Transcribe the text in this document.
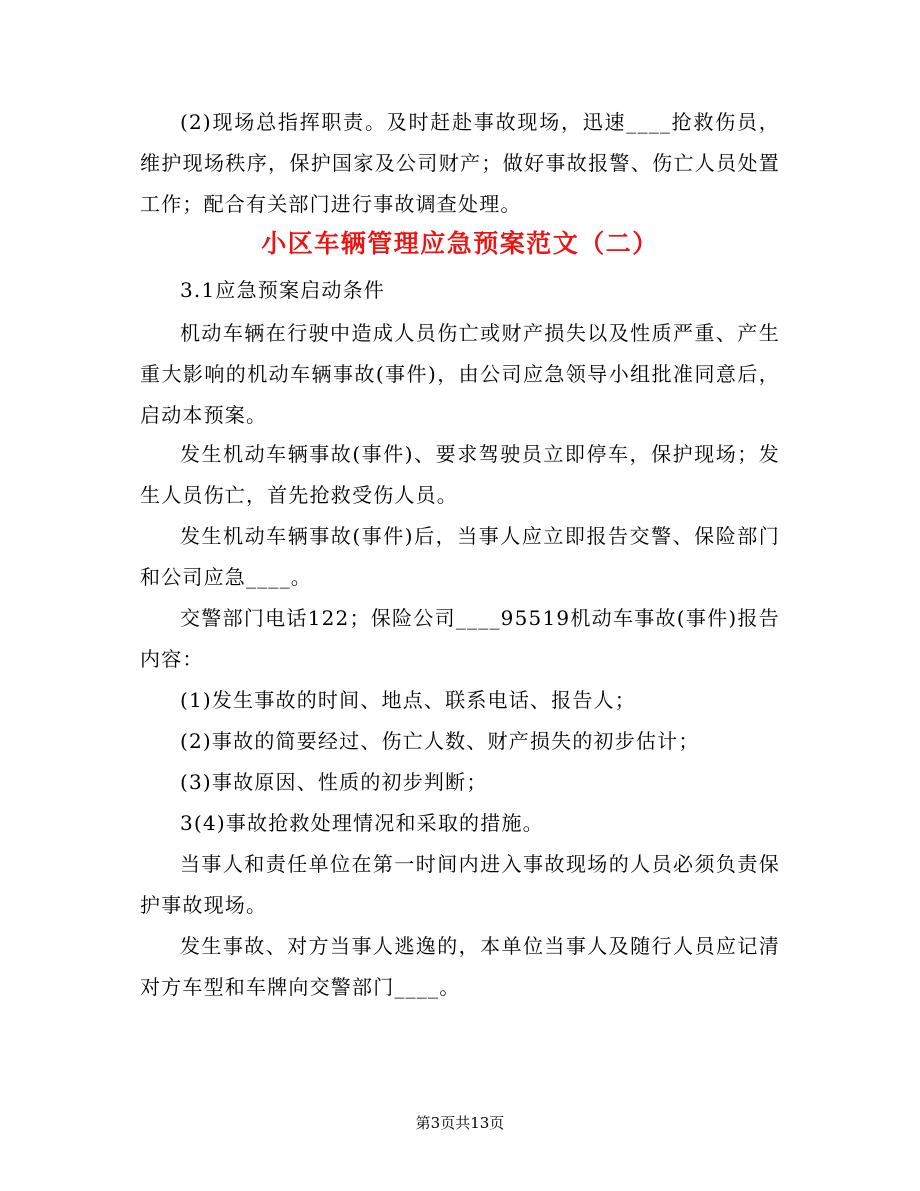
(2)现场总指挥职责。及时赶赴事故现场，迅速____抢救伤员，维护现场秩序，保护国家及公司财产；做好事故报警、伤亡人员处置工作；配合有关部门进行事故调查处理。

小区车辆管理应急预案范文（二）

3.1应急预案启动条件

机动车辆在行驶中造成人员伤亡或财产损失以及性质严重、产生重大影响的机动车辆事故(事件)，由公司应急领导小组批准同意后，启动本预案。

发生机动车辆事故(事件)、要求驾驶员立即停车，保护现场；发生人员伤亡，首先抢救受伤人员。

发生机动车辆事故(事件)后，当事人应立即报告交警、保险部门和公司应急____。

交警部门电话122；保险公司____95519机动车事故(事件)报告内容：

(1)发生事故的时间、地点、联系电话、报告人；

(2)事故的简要经过、伤亡人数、财产损失的初步估计；

(3)事故原因、性质的初步判断；

3(4)事故抢救处理情况和采取的措施。

当事人和责任单位在第一时间内进入事故现场的人员必须负责保护事故现场。

发生事故、对方当事人逃逸的，本单位当事人及随行人员应记清对方车型和车牌向交警部门____。

第3页共13页
